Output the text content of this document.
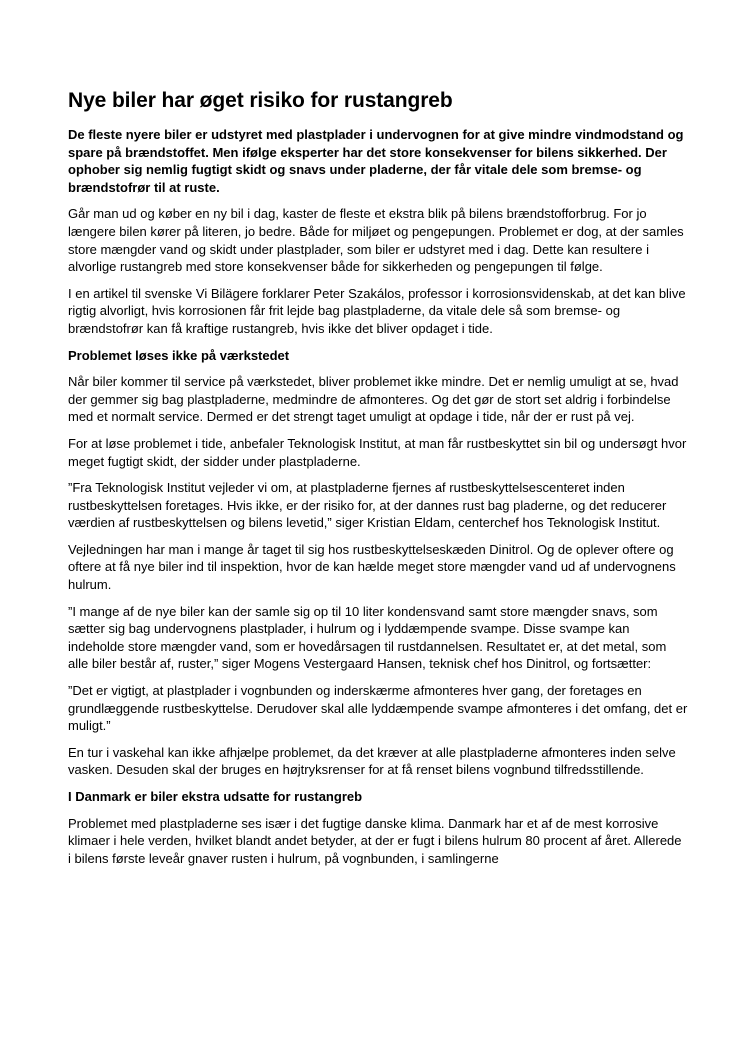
Nye biler har øget risiko for rustangreb

De fleste nyere biler er udstyret med plastplader i undervognen for at give mindre vindmodstand og spare på brændstoffet. Men ifølge eksperter har det store konsekvenser for bilens sikkerhed. Der ophober sig nemlig fugtigt skidt og snavs under pladerne, der får vitale dele som bremse- og brændstofrør til at ruste.

Går man ud og køber en ny bil i dag, kaster de fleste et ekstra blik på bilens brændstofforbrug. For jo længere bilen kører på literen, jo bedre. Både for miljøet og pengepungen. Problemet er dog, at der samles store mængder vand og skidt under plastplader, som biler er udstyret med i dag. Dette kan resultere i alvorlige rustangreb med store konsekvenser både for sikkerheden og pengepungen til følge.

I en artikel til svenske Vi Bilägere forklarer Peter Szakálos, professor i korrosionsvidenskab, at det kan blive rigtig alvorligt, hvis korrosionen får frit lejde bag plastpladerne, da vitale dele så som bremse- og brændstofrør kan få kraftige rustangreb, hvis ikke det bliver opdaget i tide.

Problemet løses ikke på værkstedet

Når biler kommer til service på værkstedet, bliver problemet ikke mindre. Det er nemlig umuligt at se, hvad der gemmer sig bag plastpladerne, medmindre de afmonteres. Og det gør de stort set aldrig i forbindelse med et normalt service. Dermed er det strengt taget umuligt at opdage i tide, når der er rust på vej.

For at løse problemet i tide, anbefaler Teknologisk Institut, at man får rustbeskyttet sin bil og undersøgt hvor meget fugtigt skidt, der sidder under plastpladerne.

”Fra Teknologisk Institut vejleder vi om, at plastpladerne fjernes af rustbeskyttelsescenteret inden rustbeskyttelsen foretages. Hvis ikke, er der risiko for, at der dannes rust bag pladerne, og det reducerer værdien af rustbeskyttelsen og bilens levetid,” siger Kristian Eldam, centerchef hos Teknologisk Institut.

Vejledningen har man i mange år taget til sig hos rustbeskyttelseskæden Dinitrol. Og de oplever oftere og oftere at få nye biler ind til inspektion, hvor de kan hælde meget store mængder vand ud af undervognens hulrum.

”I mange af de nye biler kan der samle sig op til 10 liter kondensvand samt store mængder snavs, som sætter sig bag undervognens plastplader, i hulrum og i lyddæmpende svampe. Disse svampe kan indeholde store mængder vand, som er hovedårsagen til rustdannelsen. Resultatet er, at det metal, som alle biler består af, ruster,” siger Mogens Vestergaard Hansen, teknisk chef hos Dinitrol, og fortsætter:

”Det er vigtigt, at plastplader i vognbunden og inderskærme afmonteres hver gang, der foretages en grundlæggende rustbeskyttelse. Derudover skal alle lyddæmpende svampe afmonteres i det omfang, det er muligt.”

En tur i vaskehal kan ikke afhjælpe problemet, da det kræver at alle plastpladerne afmonteres inden selve vasken. Desuden skal der bruges en højtryksrenser for at få renset bilens vognbund tilfredsstillende.

I Danmark er biler ekstra udsatte for rustangreb

Problemet med plastpladerne ses især i det fugtige danske klima. Danmark har et af de mest korrosive klimaer i hele verden, hvilket blandt andet betyder, at der er fugt i bilens hulrum 80 procent af året. Allerede i bilens første leveår gnaver rusten i hulrum, på vognbunden, i samlingerne
